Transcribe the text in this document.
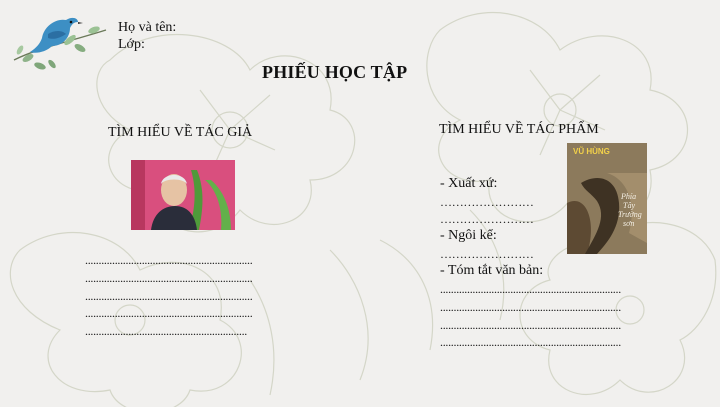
Họ và tên:
Lớp:
PHIẾU HỌC TẬP
TÌM HIỂU VỀ TÁC GIẢ
..............................................................
..............................................................
..............................................................
..............................................................
............................................................
TÌM HIỂU VỀ TÁC PHẨM
VŨ HÙNG
Phía
Tây
Trường
sơn
- Xuất xứ:
……………………
……………………
- Ngôi kể:
……………………
- Tóm tắt văn bản:
...................................................................
...................................................................
...................................................................
...................................................................
